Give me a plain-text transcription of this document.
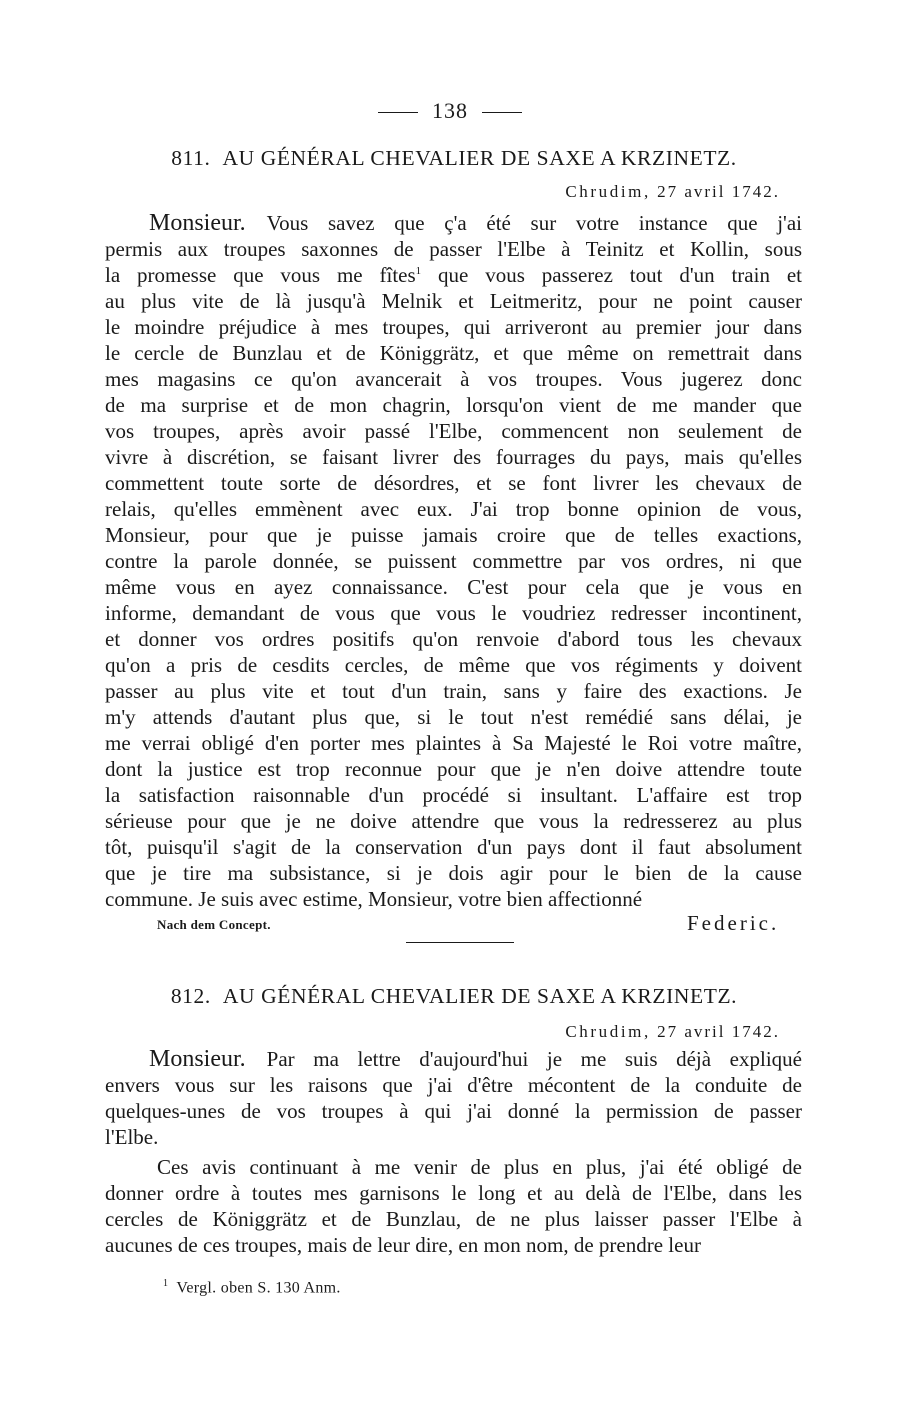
138
811. AU GÉNÉRAL CHEVALIER DE SAXE A KRZINETZ.
Chrudim, 27 avril 1742.
Monsieur.  Vous savez que ç'a été sur votre instance que j'ai
permis aux troupes saxonnes de passer l'Elbe à Teinitz et Kollin, sous
la promesse que vous me fîtes$^1$ que vous passerez tout d'un train et
au plus vite de là jusqu'à Melnik et Leitmeritz, pour ne point causer
le moindre préjudice à mes troupes, qui arriveront au premier jour dans
le cercle de Bunzlau et de Königgrätz, et que même on remettrait dans
mes magasins ce qu'on avancerait à vos troupes. Vous jugerez donc
de ma surprise et de mon chagrin, lorsqu'on vient de me mander que
vos troupes, après avoir passé l'Elbe, commencent non seulement de
vivre à discrétion, se faisant livrer des fourrages du pays, mais qu'elles
commettent toute sorte de désordres, et se font livrer les chevaux de
relais, qu'elles emmènent avec eux. J'ai trop bonne opinion de vous,
Monsieur, pour que je puisse jamais croire que de telles exactions,
contre la parole donnée, se puissent commettre par vos ordres, ni que
même vous en ayez connaissance. C'est pour cela que je vous en
informe, demandant de vous que vous le voudriez redresser incontinent,
et donner vos ordres positifs qu'on renvoie d'abord tous les chevaux
qu'on a pris de cesdits cercles, de même que vos régiments y doivent
passer au plus vite et tout d'un train, sans y faire des exactions. Je
m'y attends d'autant plus que, si le tout n'est remédié sans délai, je
me verrai obligé d'en porter mes plaintes à Sa Majesté le Roi votre maître,
dont la justice est trop reconnue pour que je n'en doive attendre toute
la satisfaction raisonnable d'un procédé si insultant. L'affaire est trop
sérieuse pour que je ne doive attendre que vous la redresserez au plus
tôt, puisqu'il s'agit de la conservation d'un pays dont il faut absolument
que je tire ma subsistance, si je dois agir pour le bien de la cause
commune. Je suis avec estime, Monsieur, votre bien affectionné
Nach dem Concept.	Federic.
812. AU GÉNÉRAL CHEVALIER DE SAXE A KRZINETZ.
Chrudim, 27 avril 1742.
Monsieur.  Par ma lettre d'aujourd'hui je me suis déjà expliqué
envers vous sur les raisons que j'ai d'être mécontent de la conduite de
quelques-unes de vos troupes à qui j'ai donné la permission de passer
l'Elbe.
Ces avis continuant à me venir de plus en plus, j'ai été obligé de
donner ordre à toutes mes garnisons le long et au delà de l'Elbe, dans les
cercles de Königgrätz et de Bunzlau, de ne plus laisser passer l'Elbe à
aucunes de ces troupes, mais de leur dire, en mon nom, de prendre leur
$^1$ Vergl. oben S. 130 Anm.
